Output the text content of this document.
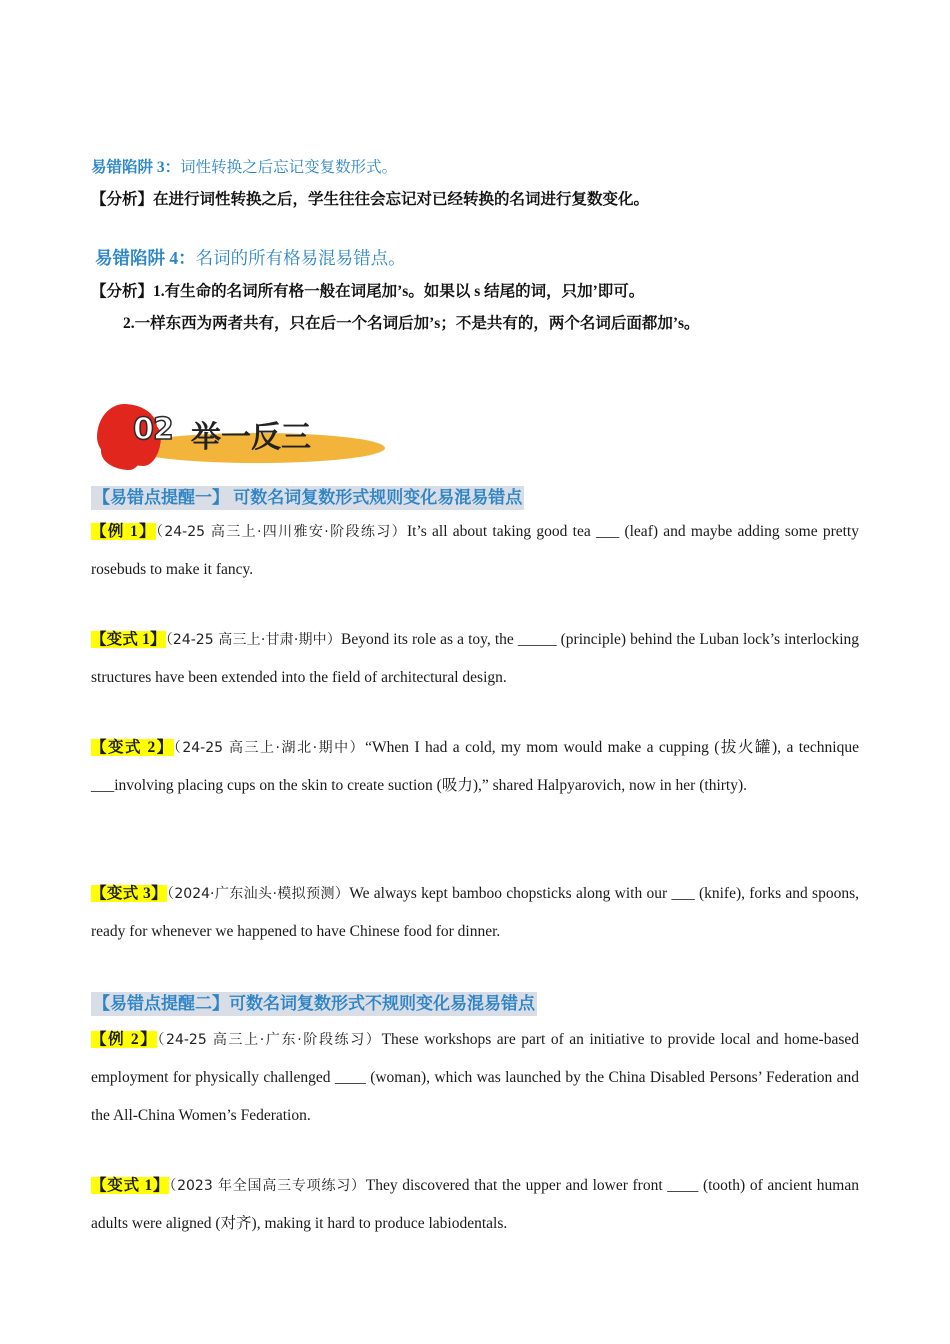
易错陷阱 3：词性转换之后忘记变复数形式。
【分析】在进行词性转换之后，学生往往会忘记对已经转换的名词进行复数变化。
易错陷阱 4：名词的所有格易混易错点。
【分析】1.有生命的名词所有格一般在词尾加’s。如果以 s 结尾的词，只加’即可。
2.一样东西为两者共有，只在后一个名词后加’s；不是共有的，两个名词后面都加’s。
02 举一反三
【易错点提醒一】 可数名词复数形式规则变化易混易错点
【例 1】（24-25 高三上·四川雅安·阶段练习）It’s all about taking good tea ___ (leaf) and maybe adding some pretty rosebuds to make it fancy.
【变式 1】（24-25 高三上·甘肃·期中）Beyond its role as a toy, the _____ (principle) behind the Luban lock’s interlocking structures have been extended into the field of architectural design.
【变式 2】（24-25 高三上·湖北·期中）“When I had a cold, my mom would make a cupping (拔火罐), a technique ___involving placing cups on the skin to create suction (吸力),” shared Halpyarovich, now in her (thirty).
【变式 3】（2024·广东汕头·模拟预测）We always kept bamboo chopsticks along with our ___ (knife), forks and spoons, ready for whenever we happened to have Chinese food for dinner.
【易错点提醒二】可数名词复数形式不规则变化易混易错点
【例 2】（24-25 高三上·广东·阶段练习）These workshops are part of an initiative to provide local and home-based employment for physically challenged ____ (woman), which was launched by the China Disabled Persons’ Federation and the All-China Women’s Federation.
【变式 1】（2023 年全国高三专项练习）They discovered that the upper and lower front ____ (tooth) of ancient human adults were aligned (对齐), making it hard to produce labiodentals.
